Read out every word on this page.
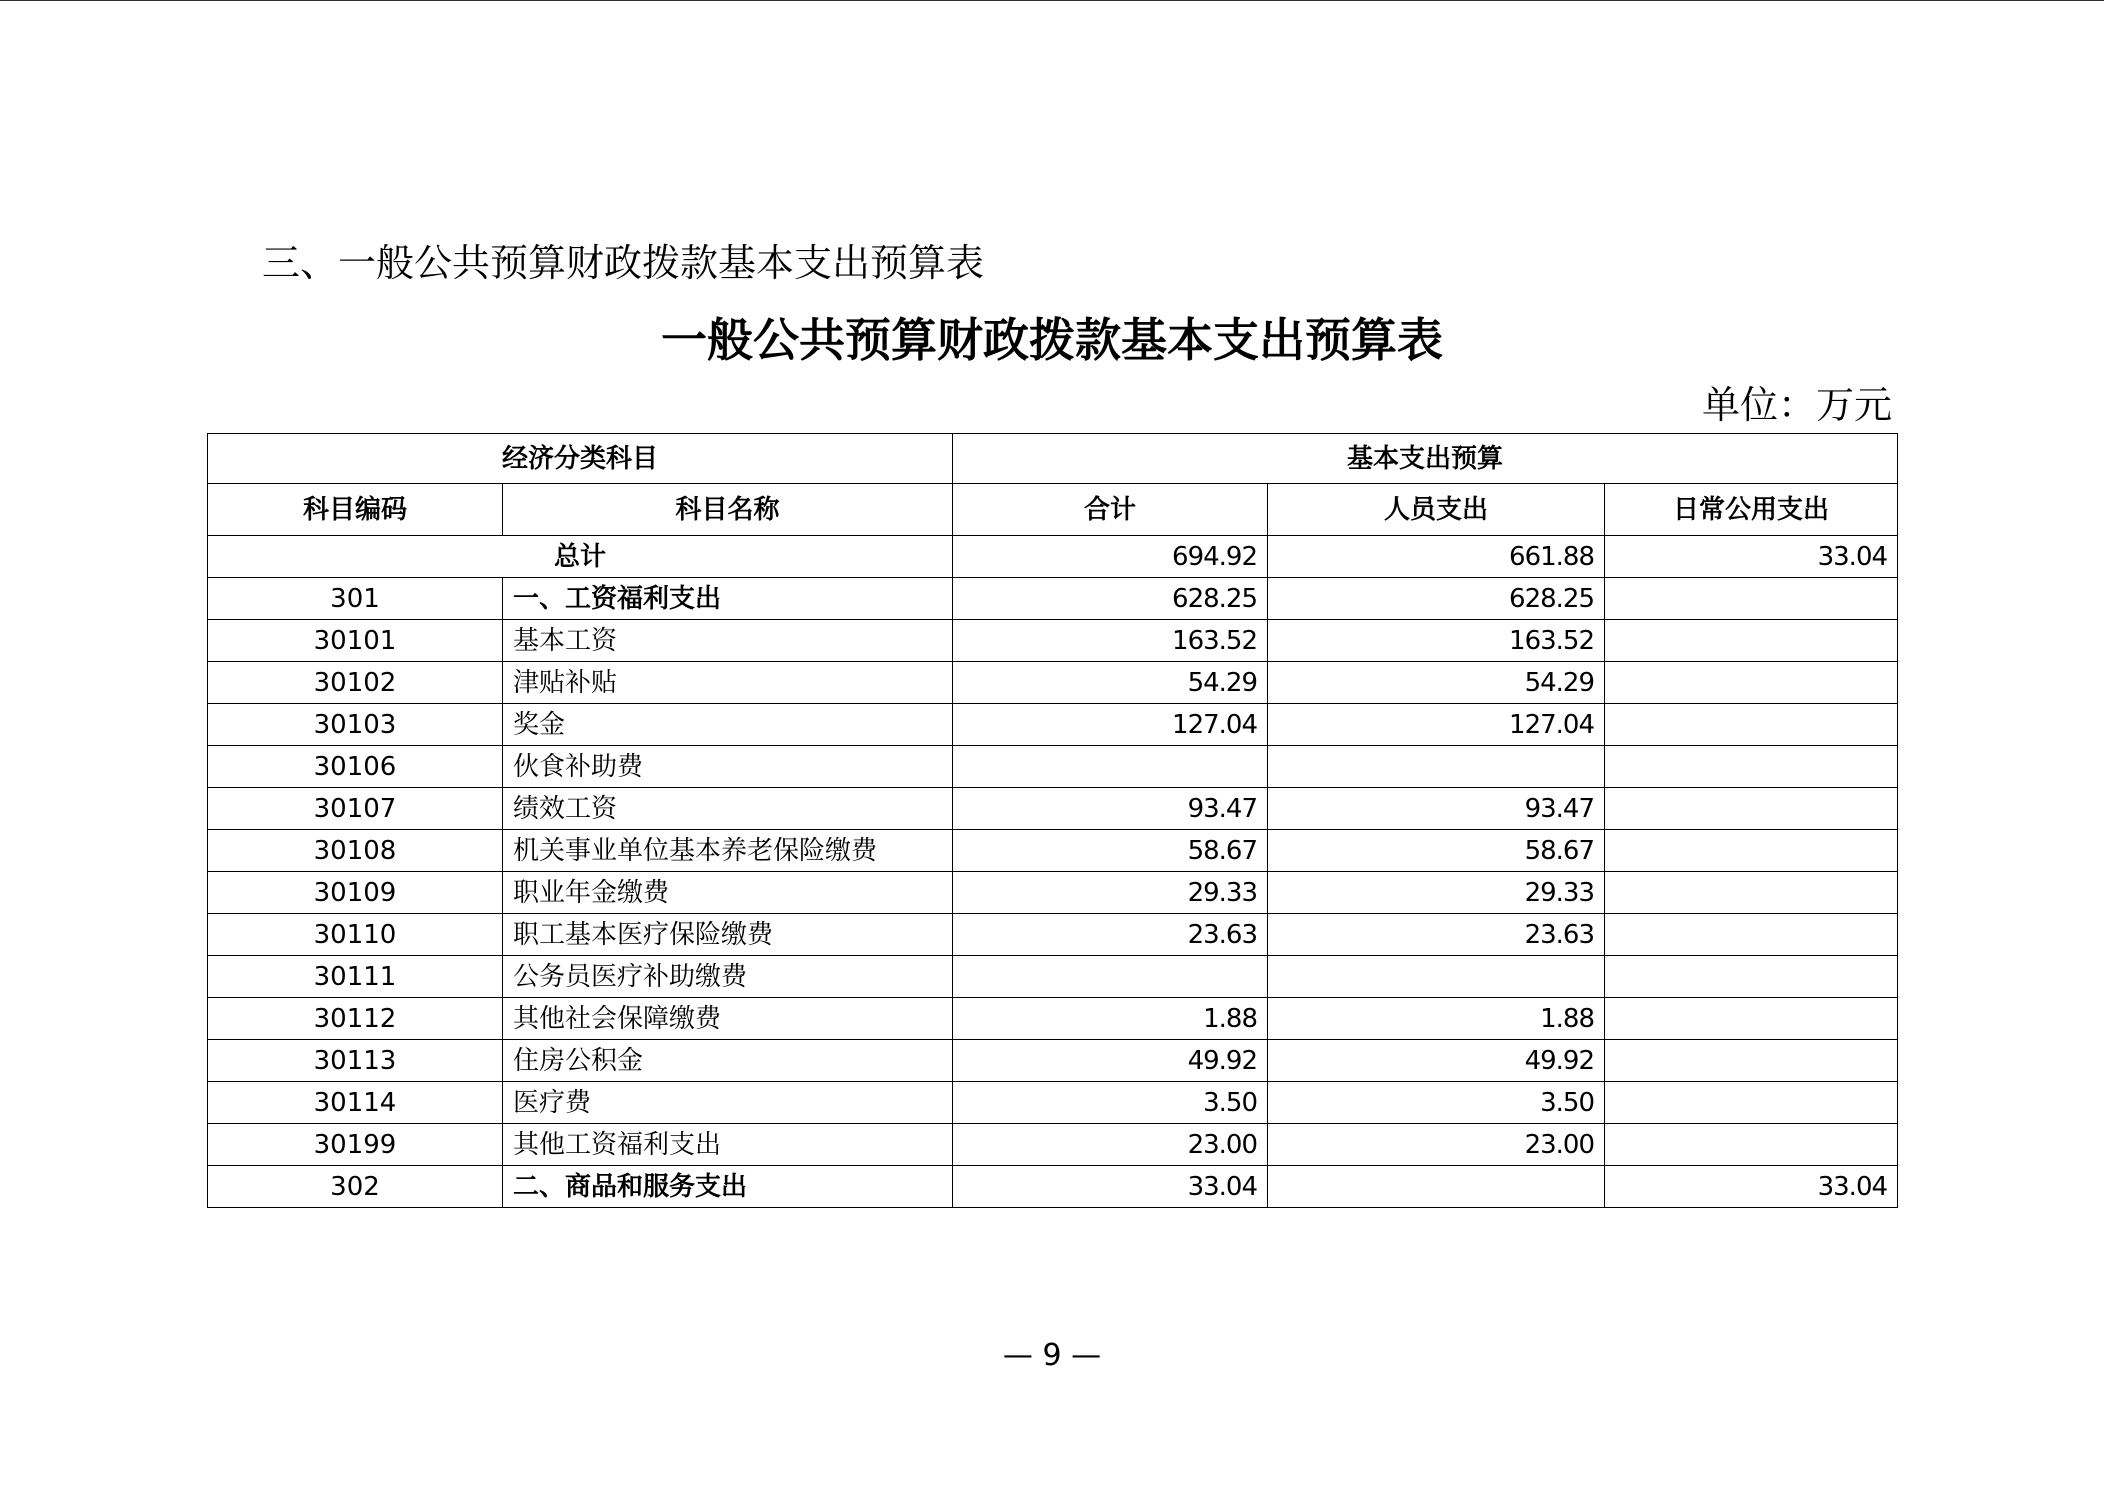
三、一般公共预算财政拨款基本支出预算表
一般公共预算财政拨款基本支出预算表
单位：万元
经济分类科目		基本支出预算		
科目编码	科目名称	合计	人员支出	日常公用支出
总计		694.92	661.88	33.04
301	一、工资福利支出	628.25	628.25	
30101	基本工资	163.52	163.52	
30102	津贴补贴	54.29	54.29	
30103	奖金	127.04	127.04	
30106	伙食补助费			
30107	绩效工资	93.47	93.47	
30108	机关事业单位基本养老保险缴费	58.67	58.67	
30109	职业年金缴费	29.33	29.33	
30110	职工基本医疗保险缴费	23.63	23.63	
30111	公务员医疗补助缴费			
30112	其他社会保障缴费	1.88	1.88	
30113	住房公积金	49.92	49.92	
30114	医疗费	3.50	3.50	
30199	其他工资福利支出	23.00	23.00	
302	二、商品和服务支出	33.04		33.04
— 9 —
